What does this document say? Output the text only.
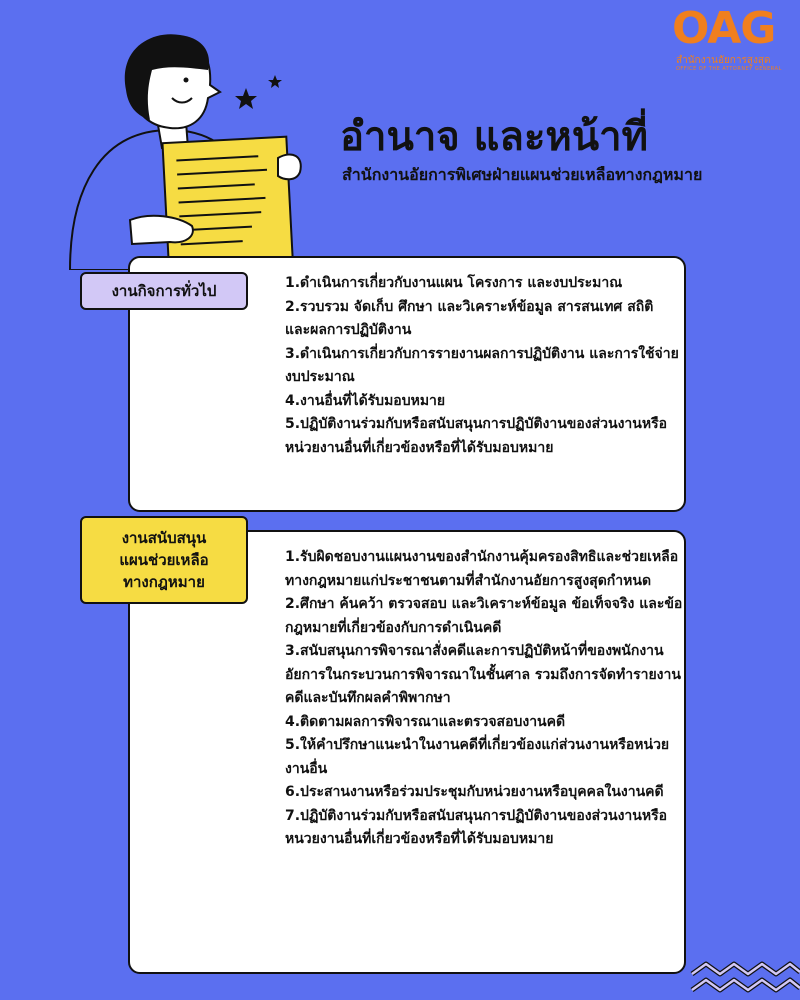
OAG
สำนักงานอัยการสูงสุด
OFFICE OF THE ATTORNEY GENERAL
อำนาจ และหน้าที่
สำนักงานอัยการพิเศษฝ่ายแผนช่วยเหลือทางกฎหมาย
1.ดำเนินการเกี่ยวกับงานแผน โครงการ และงบประมาณ
2.รวบรวม จัดเก็บ ศึกษา และวิเคราะห์ข้อมูล สารสนเทศ สถิติ และผลการปฏิบัติงาน
3.ดำเนินการเกี่ยวกับการรายงานผลการปฏิบัติงาน และการใช้จ่ายงบประมาณ
4.งานอื่นที่ได้รับมอบหมาย
5.ปฏิบัติงานร่วมกับหรือสนับสนุนการปฏิบัติงานของส่วนงานหรือหน่วยงานอื่นที่เกี่ยวข้องหรือที่ได้รับมอบหมาย
งานกิจการทั่วไป
1.รับผิดชอบงานแผนงานของสำนักงานคุ้มครองสิทธิและช่วยเหลือทางกฎหมายแก่ประชาชนตามที่สำนักงานอัยการสูงสุดกำหนด
2.ศึกษา ค้นคว้า ตรวจสอบ และวิเคราะห์ข้อมูล ข้อเท็จจริง และข้อกฎหมายที่เกี่ยวข้องกับการดำเนินคดี
3.สนับสนุนการพิจารณาสั่งคดีและการปฏิบัติหน้าที่ของพนักงานอัยการในกระบวนการพิจารณาในชั้นศาล รวมถึงการจัดทำรายงานคดีและบันทึกผลคำพิพากษา
4.ติดตามผลการพิจารณาและตรวจสอบงานคดี
5.ให้คำปรึกษาแนะนำในงานคดีที่เกี่ยวข้องแก่ส่วนงานหรือหน่วยงานอื่น
6.ประสานงานหรือร่วมประชุมกับหน่วยงานหรือบุคคลในงานคดี
7.ปฏิบัติงานร่วมกับหรือสนับสนุนการปฏิบัติงานของส่วนงานหรือหนวยงานอื่นที่เกี่ยวข้องหรือที่ได้รับมอบหมาย
งานสนับสนุน
แผนช่วยเหลือ
ทางกฎหมาย
